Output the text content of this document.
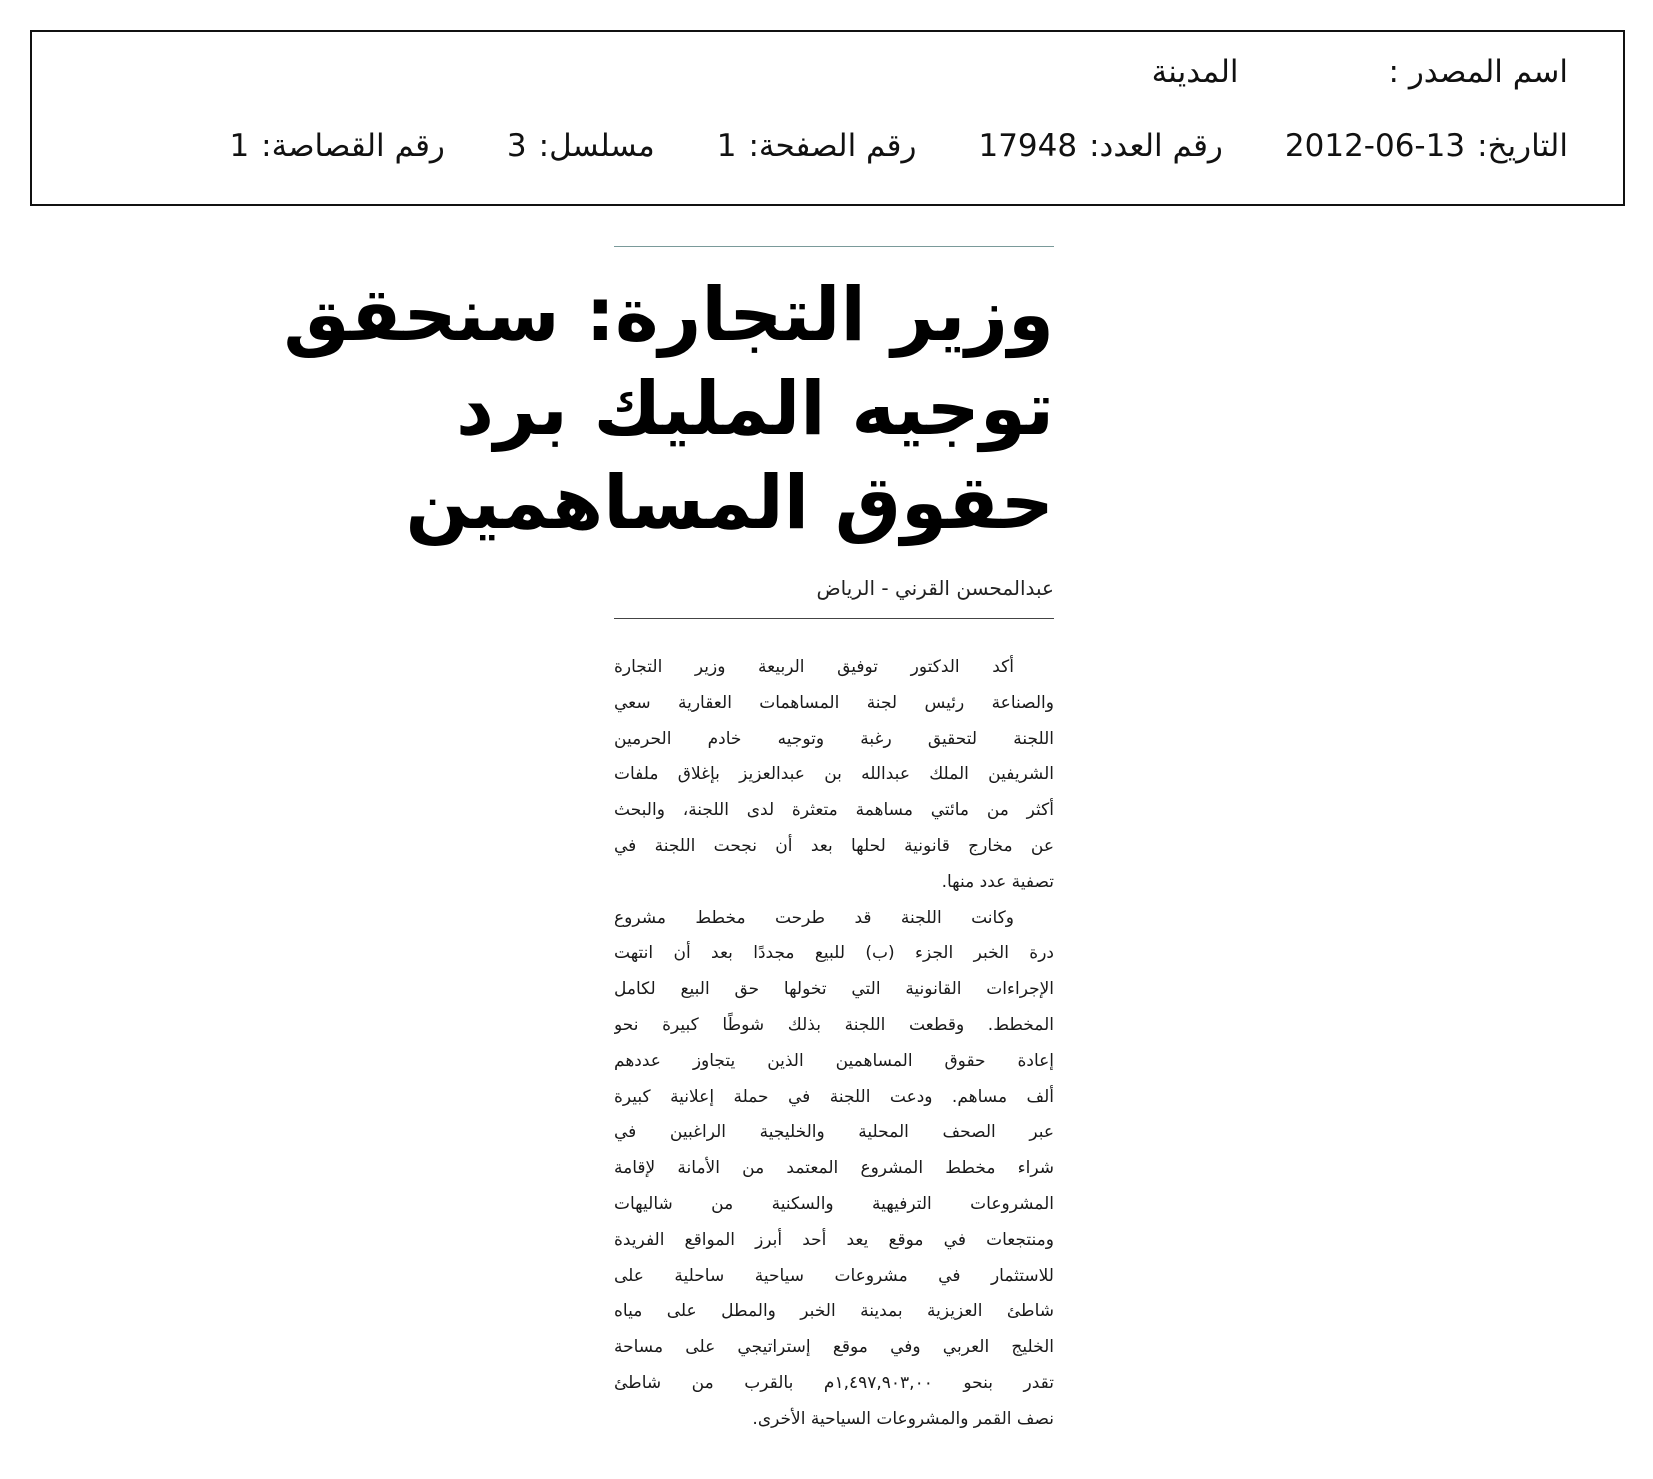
اسم المصدر :
المدينة
التاريخ:
2012-06-13
رقم العدد:
17948
رقم الصفحة:
1
مسلسل:
3
رقم القصاصة:
1
وزير التجارة: سنحقق
توجيه المليك برد
حقوق المساهمين
عبدالمحسن القرني - الرياض
أكد الدكتور توفيق الربيعة وزير التجارة
والصناعة رئيس لجنة المساهمات العقارية سعي
اللجنة لتحقيق رغبة وتوجيه خادم الحرمين
الشريفين الملك عبدالله بن عبدالعزيز بإغلاق ملفات
أكثر من مائتي مساهمة متعثرة لدى اللجنة، والبحث
عن مخارج قانونية لحلها بعد أن نجحت اللجنة في
تصفية عدد منها.
وكانت اللجنة قد طرحت مخطط مشروع
درة الخبر الجزء (ب) للبيع مجددًا بعد أن انتهت
الإجراءات القانونية التي تخولها حق البيع لكامل
المخطط. وقطعت اللجنة بذلك شوطًا كبيرة نحو
إعادة حقوق المساهمين الذين يتجاوز عددهم
ألف مساهم. ودعت اللجنة في حملة إعلانية كبيرة
عبر الصحف المحلية والخليجية الراغبين في
شراء مخطط المشروع المعتمد من الأمانة لإقامة
المشروعات الترفيهية والسكنية من شاليهات
ومنتجعات في موقع يعد أحد أبرز المواقع الفريدة
للاستثمار في مشروعات سياحية ساحلية على
شاطئ العزيزية بمدينة الخبر والمطل على مياه
الخليج العربي وفي موقع إستراتيجي على مساحة
تقدر بنحو ١,٤٩٧,٩٠٣,٠٠م بالقرب من شاطئ
نصف القمر والمشروعات السياحية الأخرى.
